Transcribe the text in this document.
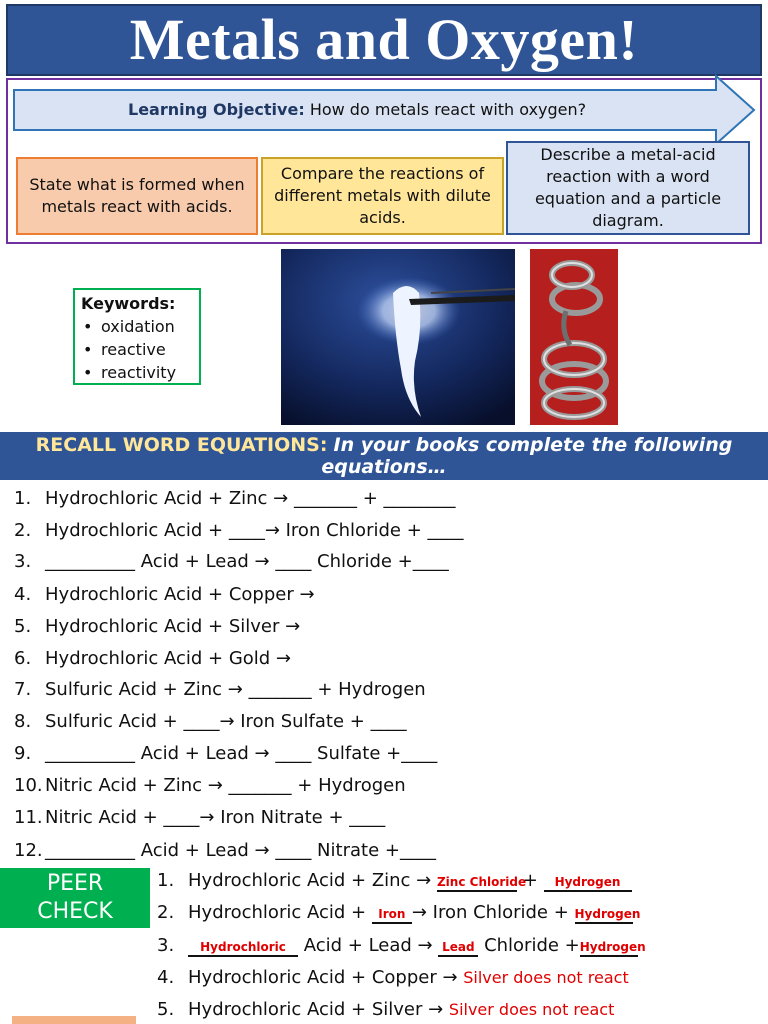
Metals and Oxygen!
Learning Objective: How do metals react with oxygen?
State what is formed when metals react with acids.
Compare the reactions of different metals with dilute acids.
Describe a metal-acid reaction with a word equation and a particle diagram.
Keywords:
• oxidation
• reactive
• reactivity
RECALL WORD EQUATIONS: In your books complete the following equations…
1. Hydrochloric Acid + Zinc → _______ + ________
2. Hydrochloric Acid + ____→ Iron Chloride + ____
3. __________ Acid + Lead → ____ Chloride +____
4. Hydrochloric Acid + Copper →
5. Hydrochloric Acid + Silver →
6. Hydrochloric Acid + Gold →
7. Sulfuric Acid + Zinc → _______ + Hydrogen
8. Sulfuric Acid + ____→ Iron Sulfate + ____
9. __________ Acid + Lead → ____ Sulfate +____
10. Nitric Acid + Zinc → _______ + Hydrogen
11. Nitric Acid + ____→ Iron Nitrate + ____
12. __________ Acid + Lead → ____ Nitrate +____
PEER
CHECK
1. Hydrochloric Acid + Zinc → Zinc Chloride + Hydrogen
2. Hydrochloric Acid + Iron → Iron Chloride + Hydrogen
3. Hydrochloric Acid + Lead → Lead Chloride +Hydrogen
4. Hydrochloric Acid + Copper → Silver does not react
5. Hydrochloric Acid + Silver → Silver does not react
